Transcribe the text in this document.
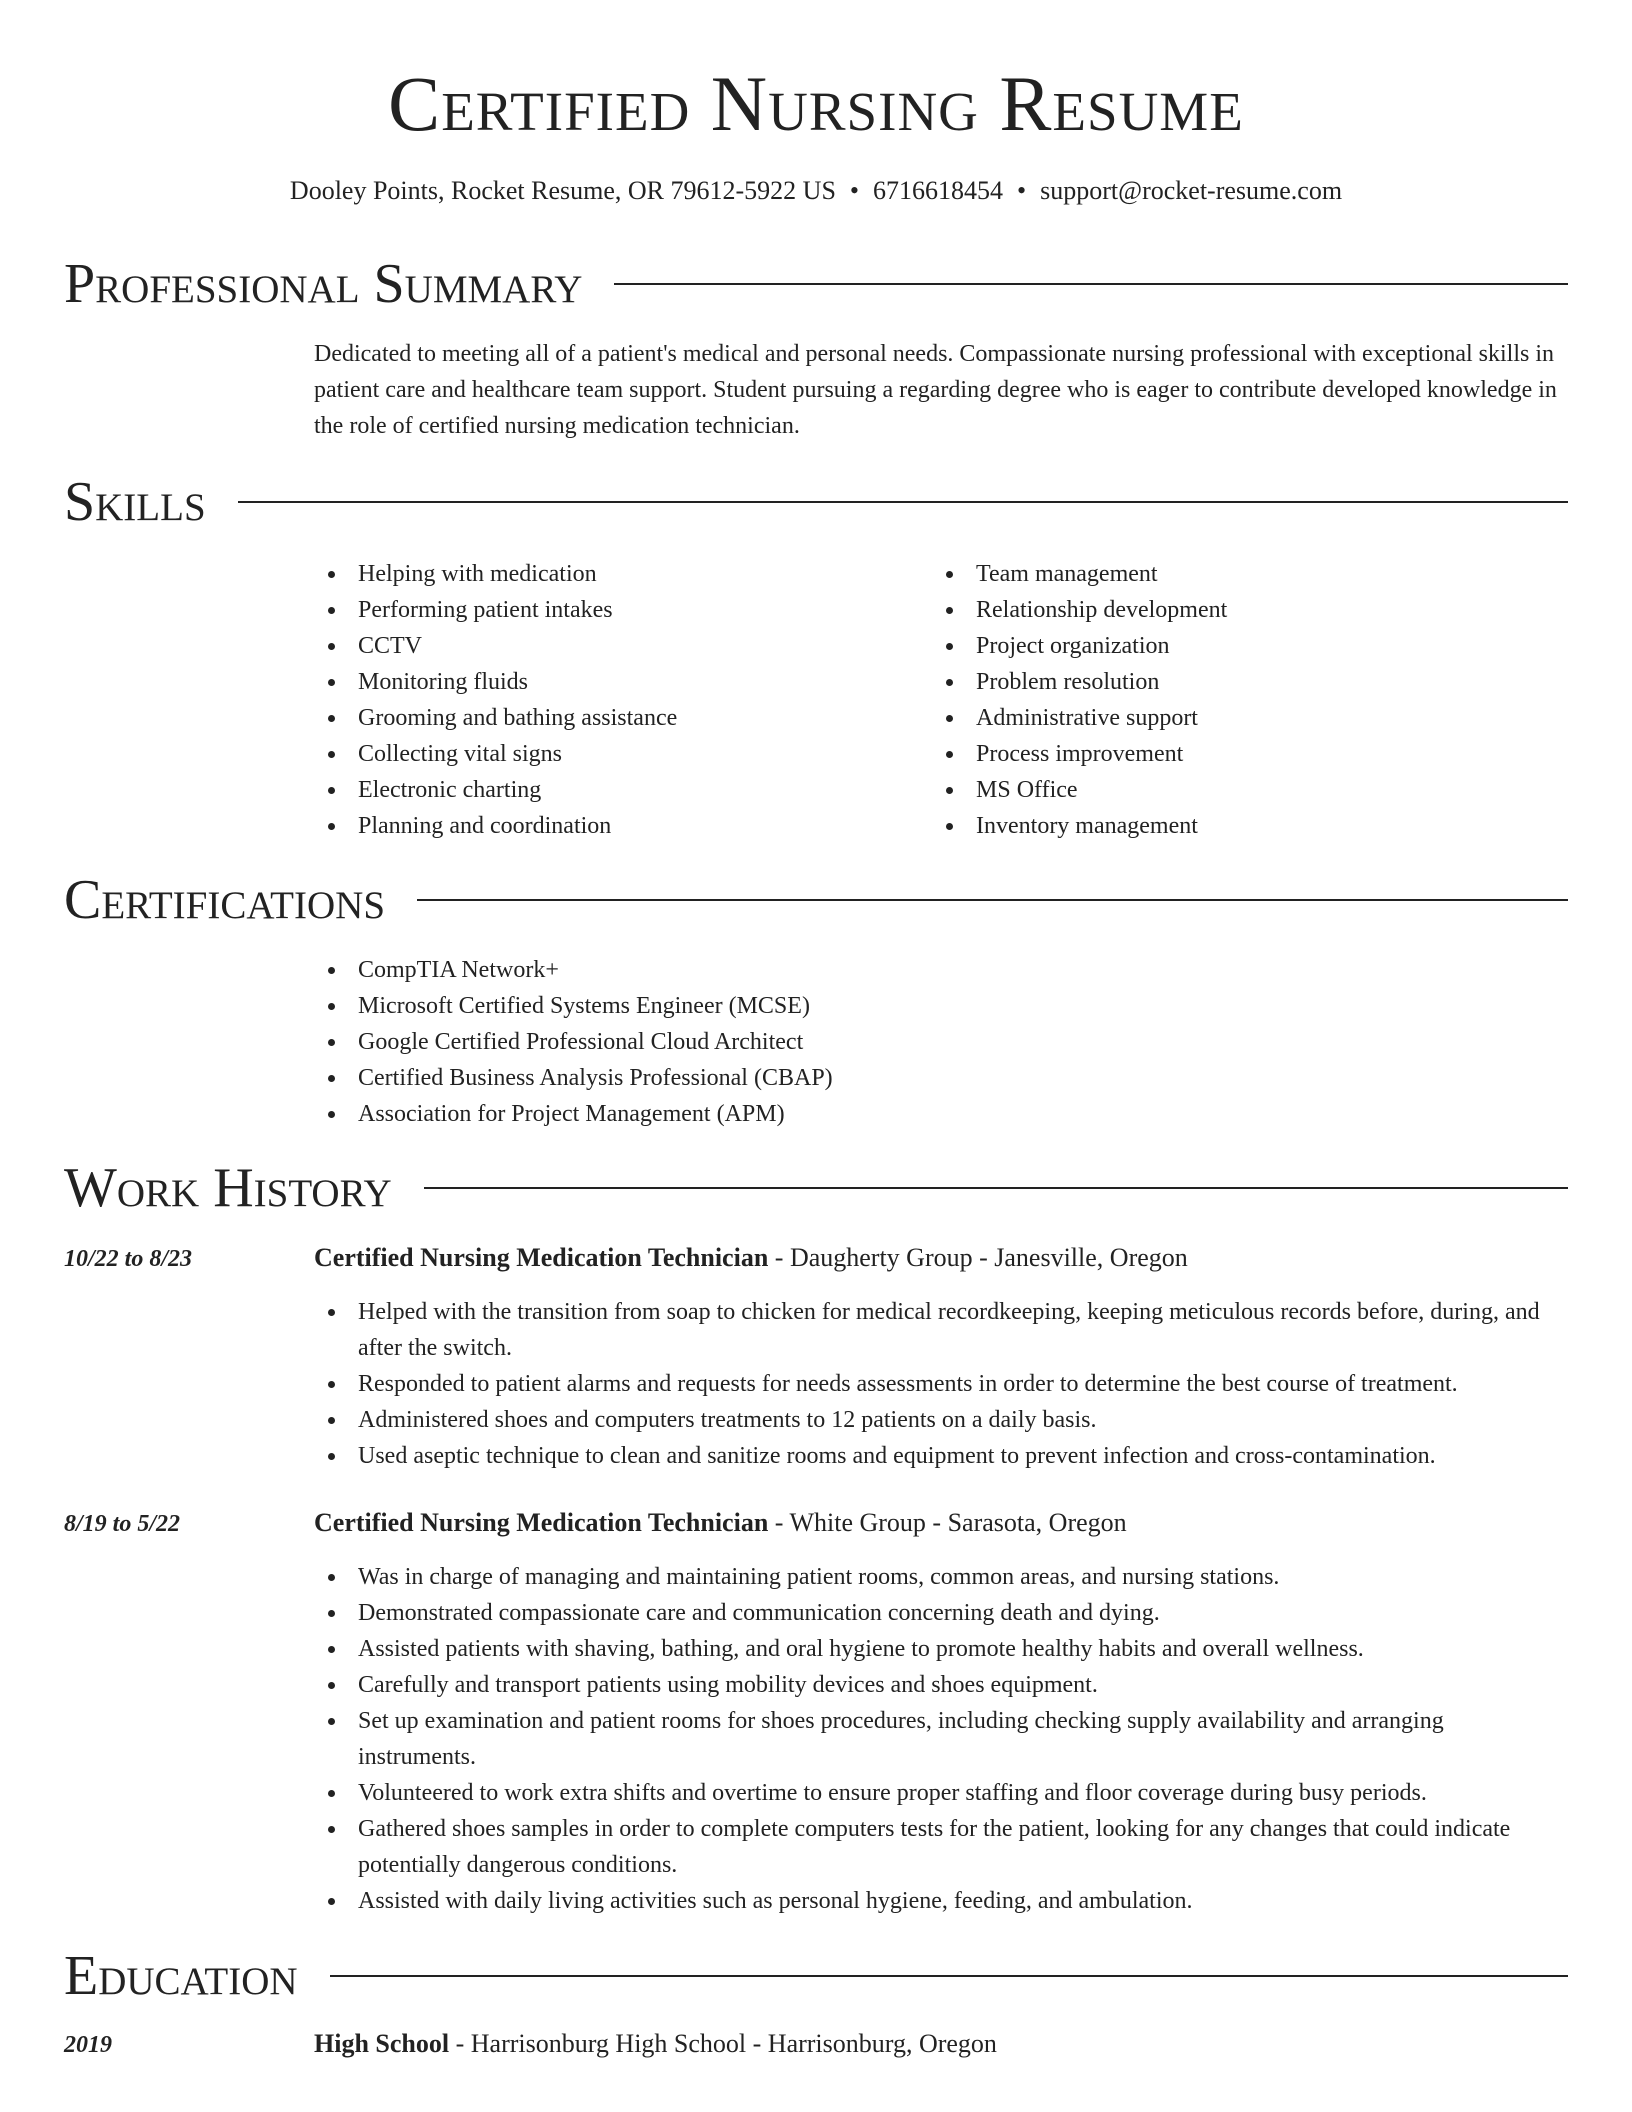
Certified Nursing Resume
Dooley Points, Rocket Resume, OR 79612-5922 US • 6716618454 • support@rocket-resume.com
Professional Summary
Dedicated to meeting all of a patient's medical and personal needs. Compassionate nursing professional with exceptional skills in patient care and healthcare team support. Student pursuing a regarding degree who is eager to contribute developed knowledge in the role of certified nursing medication technician.
Skills
Helping with medication
Performing patient intakes
CCTV
Monitoring fluids
Grooming and bathing assistance
Collecting vital signs
Electronic charting
Planning and coordination
Team management
Relationship development
Project organization
Problem resolution
Administrative support
Process improvement
MS Office
Inventory management
Certifications
CompTIA Network+
Microsoft Certified Systems Engineer (MCSE)
Google Certified Professional Cloud Architect
Certified Business Analysis Professional (CBAP)
Association for Project Management (APM)
Work History
10/22 to 8/23	Certified Nursing Medication Technician - Daugherty Group - Janesville, Oregon
Helped with the transition from soap to chicken for medical recordkeeping, keeping meticulous records before, during, and after the switch.
Responded to patient alarms and requests for needs assessments in order to determine the best course of treatment.
Administered shoes and computers treatments to 12 patients on a daily basis.
Used aseptic technique to clean and sanitize rooms and equipment to prevent infection and cross-contamination.
8/19 to 5/22	Certified Nursing Medication Technician - White Group - Sarasota, Oregon
Was in charge of managing and maintaining patient rooms, common areas, and nursing stations.
Demonstrated compassionate care and communication concerning death and dying.
Assisted patients with shaving, bathing, and oral hygiene to promote healthy habits and overall wellness.
Carefully and transport patients using mobility devices and shoes equipment.
Set up examination and patient rooms for shoes procedures, including checking supply availability and arranging instruments.
Volunteered to work extra shifts and overtime to ensure proper staffing and floor coverage during busy periods.
Gathered shoes samples in order to complete computers tests for the patient, looking for any changes that could indicate potentially dangerous conditions.
Assisted with daily living activities such as personal hygiene, feeding, and ambulation.
Education
2019	High School - Harrisonburg High School - Harrisonburg, Oregon
